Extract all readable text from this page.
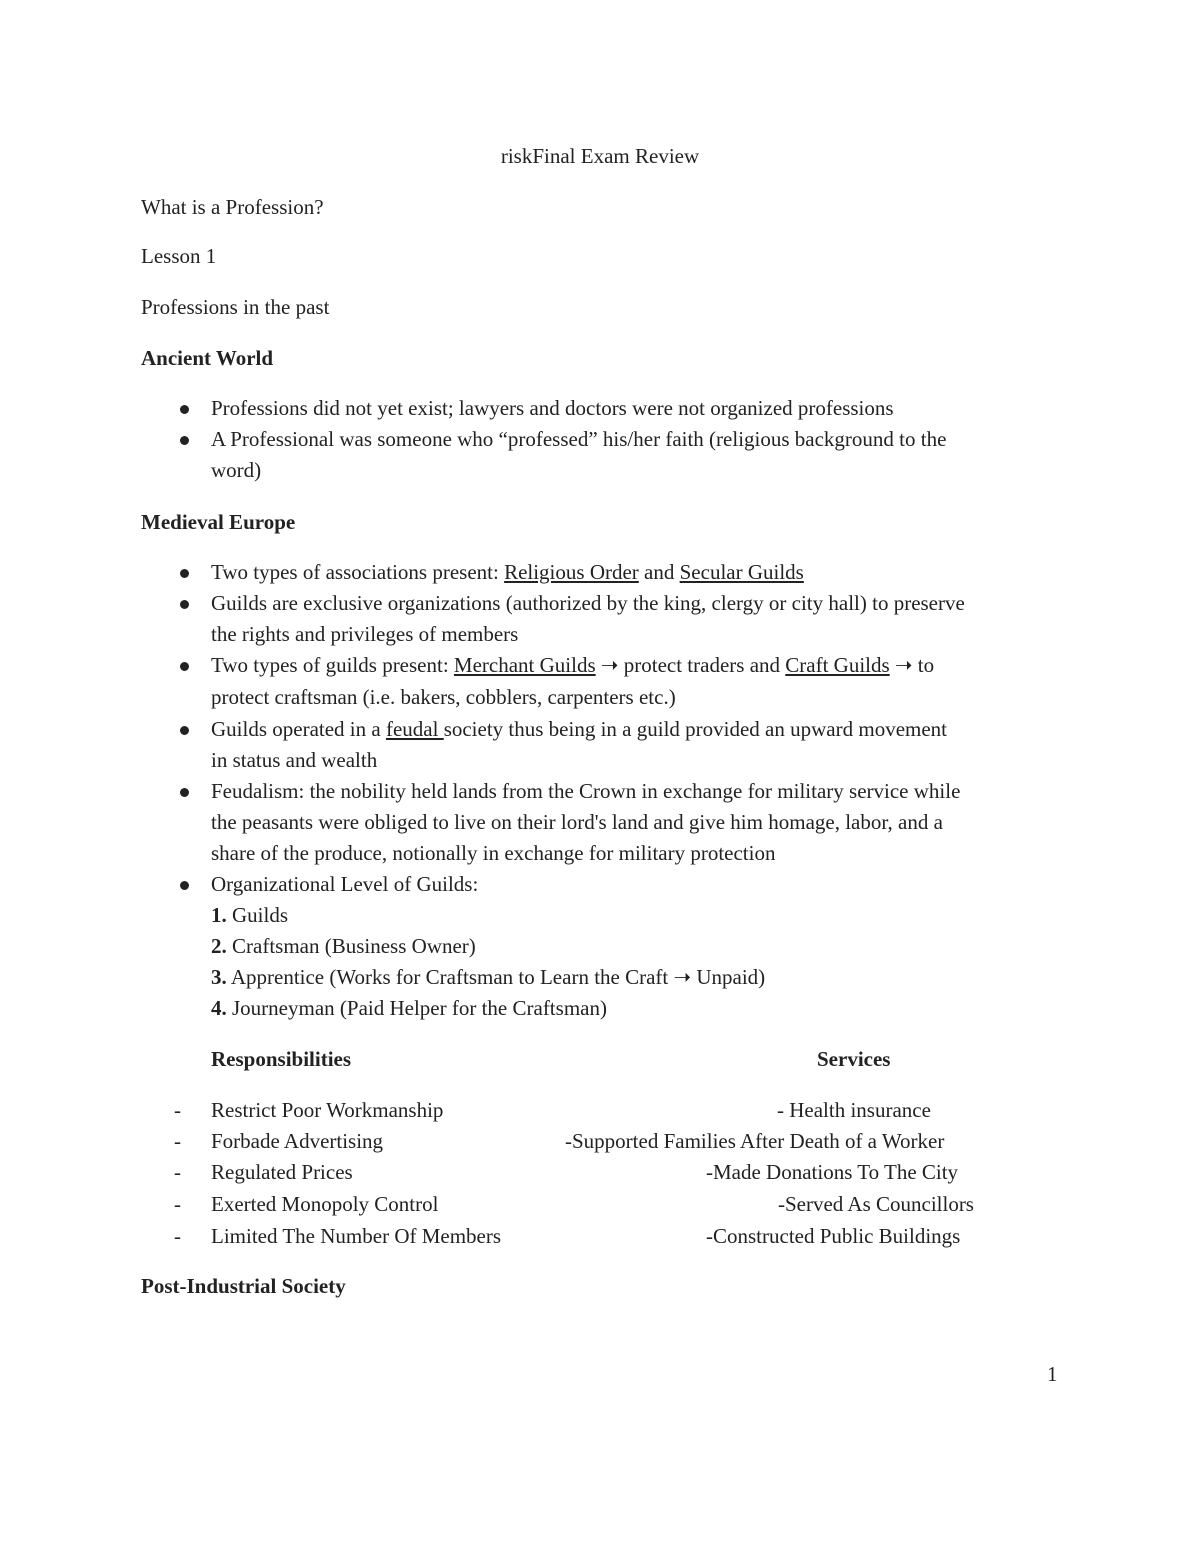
riskFinal Exam Review
What is a Profession?
Lesson 1
Professions in the past
Ancient World
Professions did not yet exist; lawyers and doctors were not organized professions
A Professional was someone who “professed” his/her faith (religious background to the
word)
Medieval Europe
Two types of associations present: Religious Order and Secular Guilds
Guilds are exclusive organizations (authorized by the king, clergy or city hall) to preserve
the rights and privileges of members
Two types of guilds present: Merchant Guilds ➝ protect traders and Craft Guilds ➝ to
protect craftsman (i.e. bakers, cobblers, carpenters etc.)
Guilds operated in a feudal society thus being in a guild provided an upward movement
in status and wealth
Feudalism: the nobility held lands from the Crown in exchange for military service while
the peasants were obliged to live on their lord's land and give him homage, labor, and a
share of the produce, notionally in exchange for military protection
Organizational Level of Guilds:
1. Guilds
2. Craftsman (Business Owner)
3. Apprentice (Works for Craftsman to Learn the Craft ➝ Unpaid)
4. Journeyman (Paid Helper for the Craftsman)
Responsibilities	Services
- Restrict Poor Workmanship	- Health insurance
- Forbade Advertising	-Supported Families After Death of a Worker
- Regulated Prices	-Made Donations To The City
- Exerted Monopoly Control	-Served As Councillors
- Limited The Number Of Members	-Constructed Public Buildings
Post-Industrial Society
1
